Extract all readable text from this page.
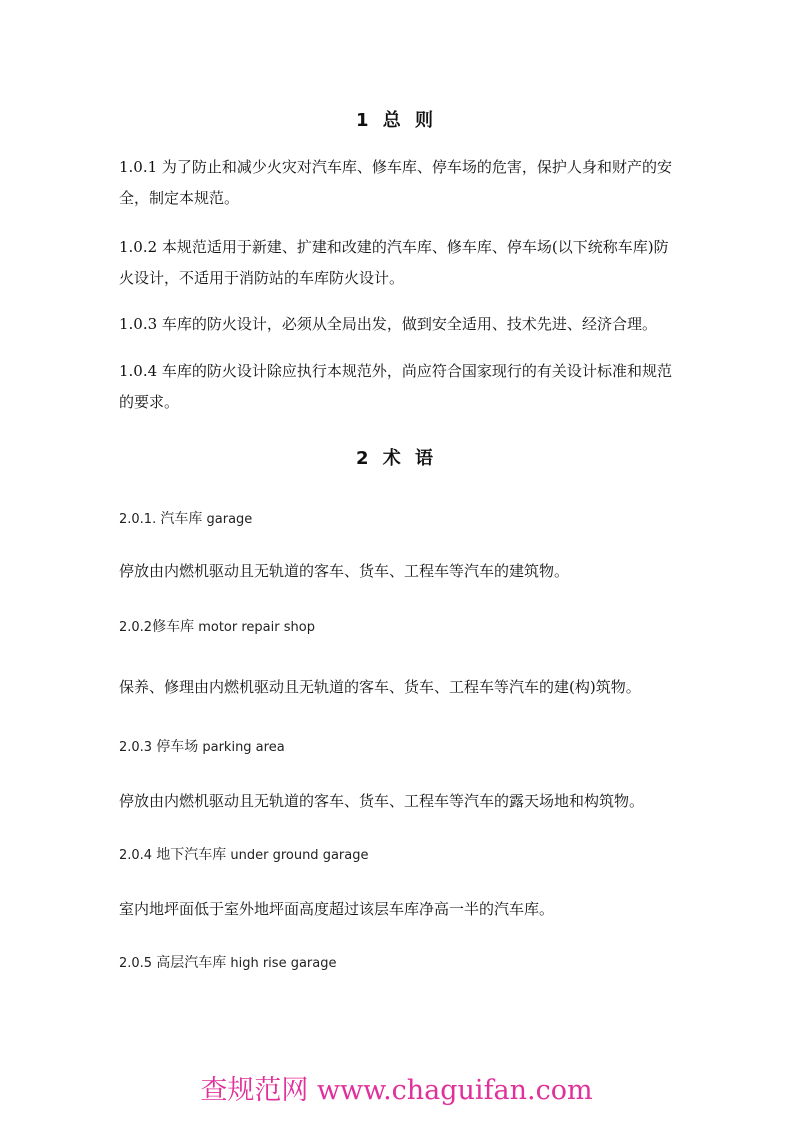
1 总 则
1.0.1 为了防止和减少火灾对汽车库、修车库、停车场的危害，保护人身和财产的安全，制定本规范。
1.0.2 本规范适用于新建、扩建和改建的汽车库、修车库、停车场(以下统称车库)防火设计，不适用于消防站的车库防火设计。
1.0.3 车库的防火设计，必须从全局出发，做到安全适用、技术先进、经济合理。
1.0.4 车库的防火设计除应执行本规范外，尚应符合国家现行的有关设计标准和规范的要求。
2 术 语
2.0.1. 汽车库 garage
停放由内燃机驱动且无轨道的客车、货车、工程车等汽车的建筑物。
2.0.2修车库 motor repair shop
保养、修理由内燃机驱动且无轨道的客车、货车、工程车等汽车的建(构)筑物。
2.0.3 停车场 parking area
停放由内燃机驱动且无轨道的客车、货车、工程车等汽车的露天场地和构筑物。
2.0.4 地下汽车库 under ground garage
室内地坪面低于室外地坪面高度超过该层车库净高一半的汽车库。
2.0.5 高层汽车库 high rise garage
查规范网 www.chaguifan.com
